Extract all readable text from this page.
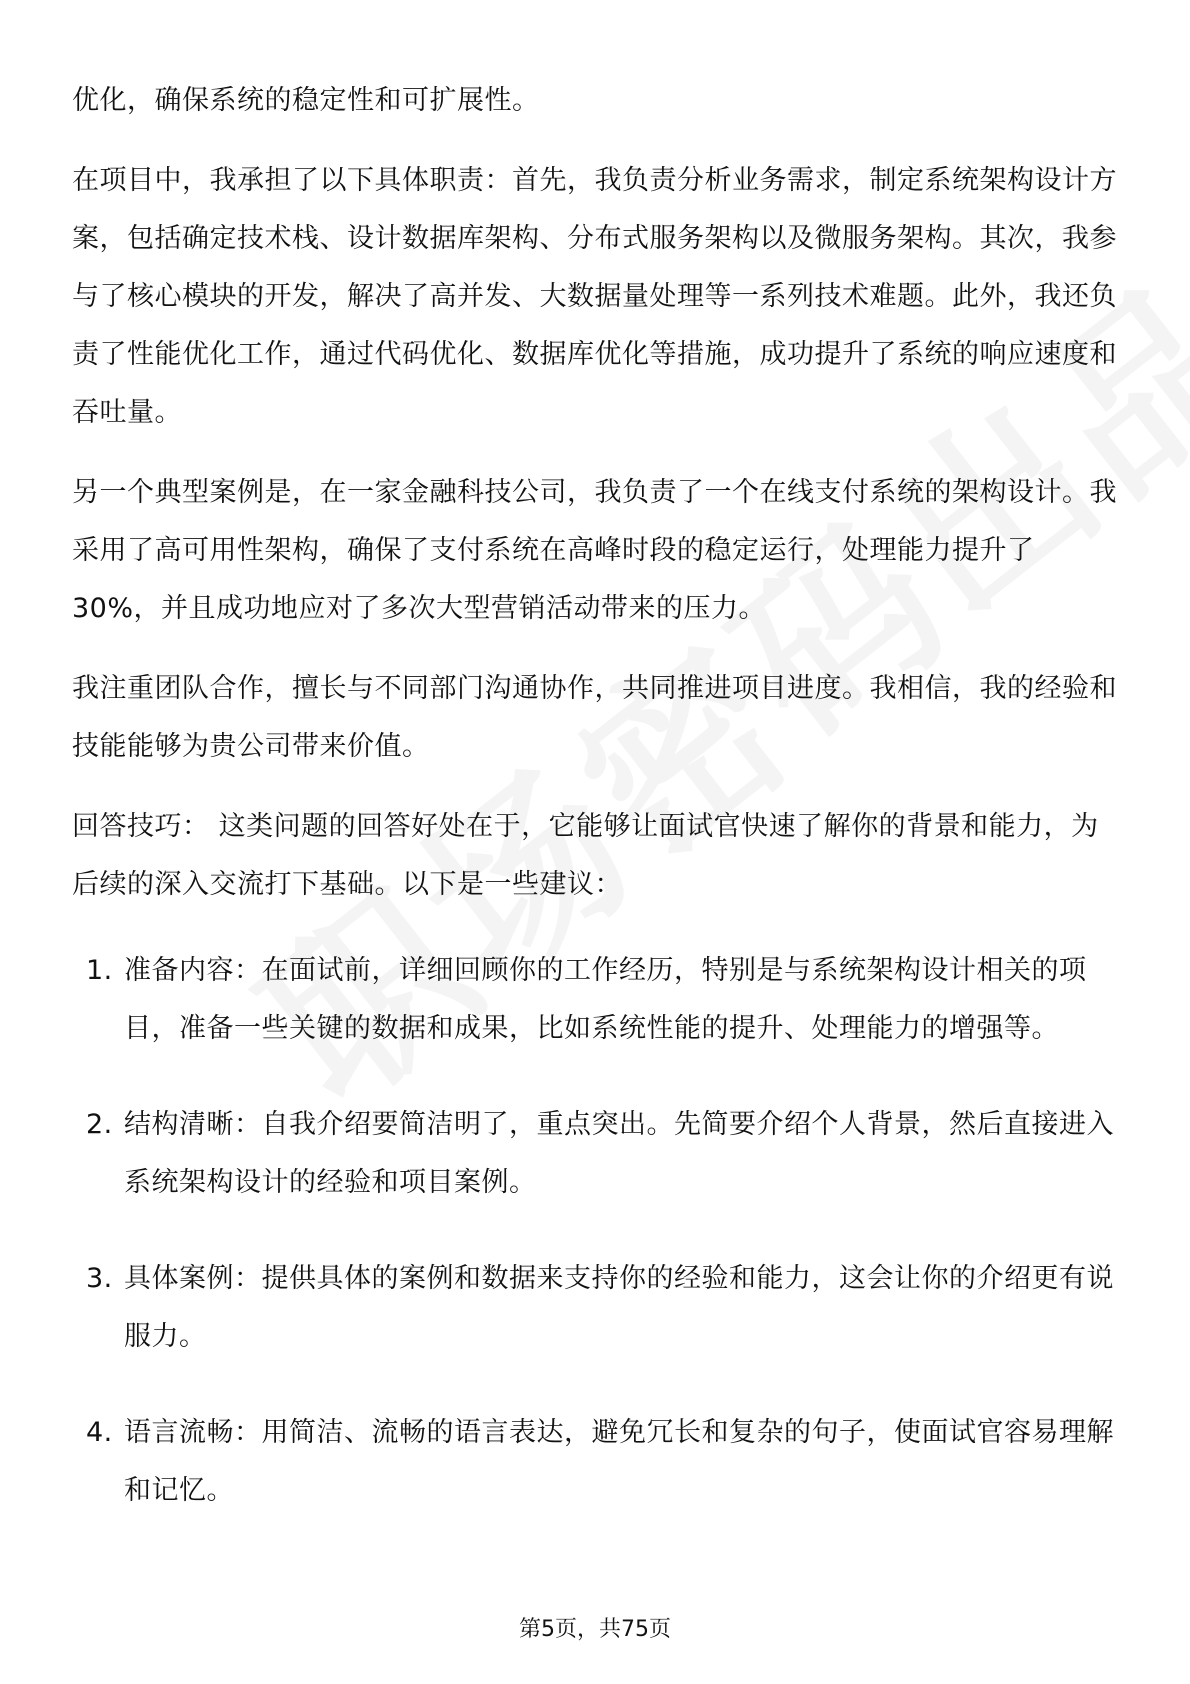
优化，确保系统的稳定性和可扩展性。

在项目中，我承担了以下具体职责：首先，我负责分析业务需求，制定系统架构设计方案，包括确定技术栈、设计数据库架构、分布式服务架构以及微服务架构。其次，我参与了核心模块的开发，解决了高并发、大数据量处理等一系列技术难题。此外，我还负责了性能优化工作，通过代码优化、数据库优化等措施，成功提升了系统的响应速度和吞吐量。

另一个典型案例是，在一家金融科技公司，我负责了一个在线支付系统的架构设计。我采用了高可用性架构，确保了支付系统在高峰时段的稳定运行，处理能力提升了30%，并且成功地应对了多次大型营销活动带来的压力。

我注重团队合作，擅长与不同部门沟通协作，共同推进项目进度。我相信，我的经验和技能能够为贵公司带来价值。

回答技巧： 这类问题的回答好处在于，它能够让面试官快速了解你的背景和能力，为后续的深入交流打下基础。以下是一些建议：

1. 准备内容：在面试前，详细回顾你的工作经历，特别是与系统架构设计相关的项目，准备一些关键的数据和成果，比如系统性能的提升、处理能力的增强等。
2. 结构清晰：自我介绍要简洁明了，重点突出。先简要介绍个人背景，然后直接进入系统架构设计的经验和项目案例。
3. 具体案例：提供具体的案例和数据来支持你的经验和能力，这会让你的介绍更有说服力。
4. 语言流畅：用简洁、流畅的语言表达，避免冗长和复杂的句子，使面试官容易理解和记忆。
第5页，共75页
